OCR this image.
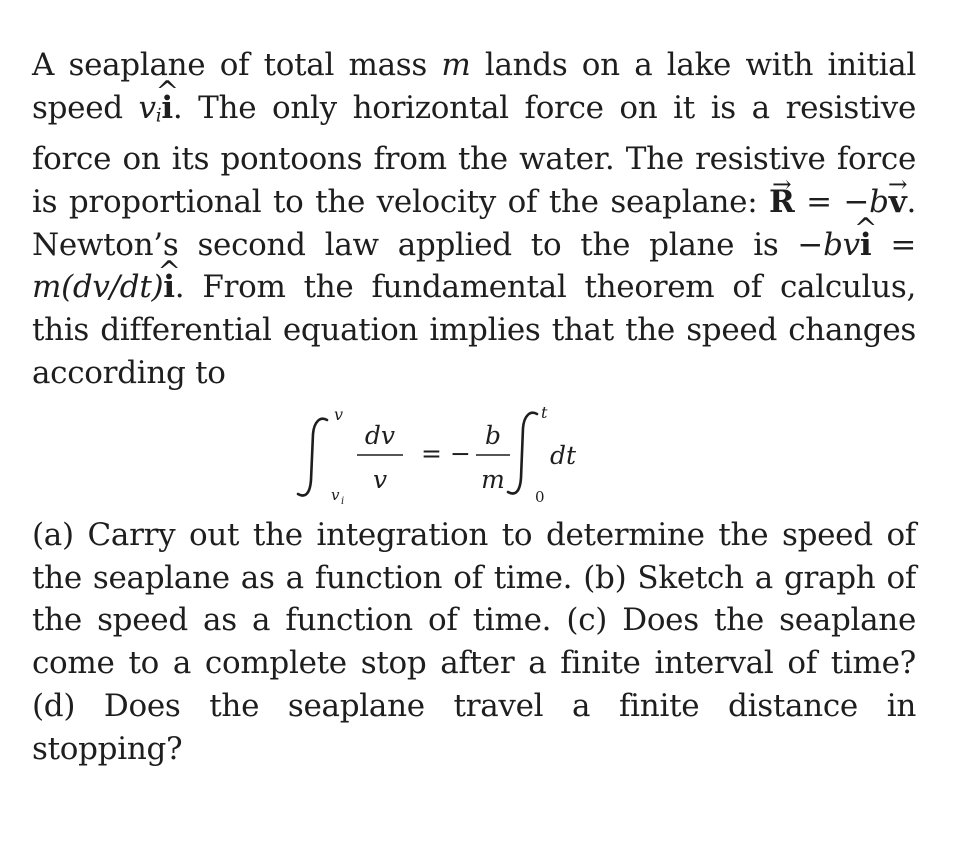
A seaplane of total mass m lands on a lake with initial speed vi^ i. The only horizontal force on it is a resistive force on its pontoons from the water. The resistive force is proportional to the velocity of the seaplane: → R = −b→ v. Newton’s second law applied to the plane is −bv^ i = m(dv/dt)^ i. From the fundamental theorem of calculus, this differential equation implies that the speed changes according to
v
v i
dv
v
= −
b
m
t
0
dt
(a) Carry out the integration to determine the speed of the seaplane as a function of time. (b) Sketch a graph of the speed as a function of time. (c) Does the seaplane come to a complete stop after a finite interval of time? (d) Does the seaplane travel a finite distance in stopping?
